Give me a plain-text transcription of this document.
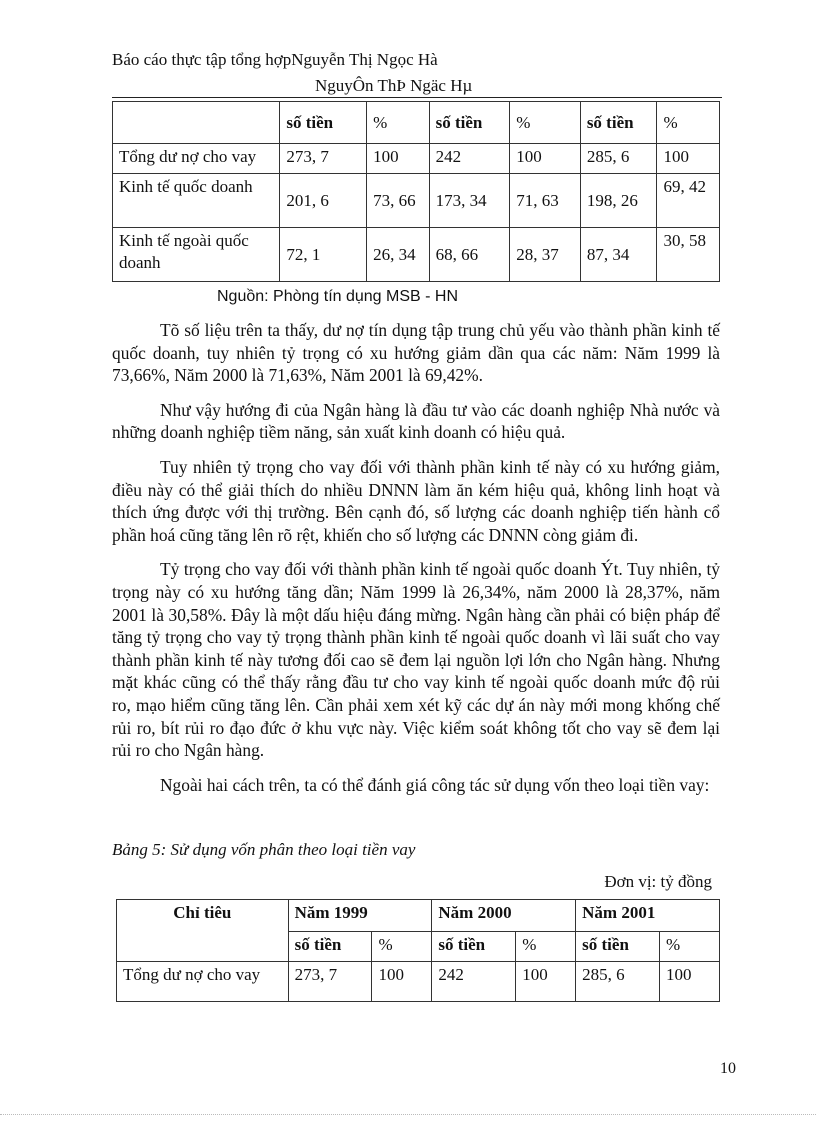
Báo cáo thực tập tổng hợpNguyễn Thị Ngọc Hà
NguyÔn ThÞ Ngäc Hµ
	số tiền	%	số tiền	%	số tiền	%
Tổng dư nợ cho vay	273, 7	100	242	100	285, 6	100
Kinh tế quốc doanh	201, 6	73, 66	173, 34	71, 63	198, 26	69, 42
Kinh tế ngoài quốc doanh	72, 1	26, 34	68, 66	28, 37	87, 34	30, 58
Nguồn: Phòng tín dụng MSB - HN

Tõ số liệu trên ta thấy, dư nợ tín dụng tập trung chủ yếu vào thành phần kinh tế quốc doanh, tuy nhiên tỷ trọng có xu hướng giảm dần qua các năm: Năm 1999 là 73,66%, Năm 2000 là 71,63%, Năm 2001 là 69,42%.

Như vậy hướng đi của Ngân hàng là đầu tư vào các doanh nghiệp Nhà nước và những doanh nghiệp tiềm năng, sản xuất kinh doanh có hiệu quả.

Tuy nhiên tỷ trọng cho vay đối với thành phần kinh tế này có xu hướng giảm, điều này có thể giải thích do nhiều DNNN làm ăn kém hiệu quả, không linh hoạt và thích ứng được với thị trường. Bên cạnh đó, số lượng các doanh nghiệp tiến hành cổ phần hoá cũng tăng lên rõ rệt, khiến cho số lượng các DNNN còng giảm đi.

Tỷ trọng cho vay đối với thành phần kinh tế ngoài quốc doanh Ýt. Tuy nhiên, tỷ trọng này có xu hướng tăng dần; Năm 1999 là 26,34%, năm 2000 là 28,37%, năm 2001 là 30,58%. Đây là một dấu hiệu đáng mừng. Ngân hàng cần phải có biện pháp để tăng tỷ trọng cho vay tỷ trọng thành phần kinh tế ngoài quốc doanh vì lãi suất cho vay thành phần kinh tế này tương đối cao sẽ đem lại nguồn lợi lớn cho Ngân hàng. Nhưng mặt khác cũng có thể thấy rằng đầu tư cho vay kinh tế ngoài quốc doanh mức độ rủi ro, mạo hiểm cũng tăng lên. Cần phải xem xét kỹ các dự án này mới mong khống chế rủi ro, bít rủi ro đạo đức ở khu vực này. Việc kiểm soát không tốt cho vay sẽ đem lại rủi ro cho Ngân hàng.

Ngoài hai cách trên, ta có thể đánh giá công tác sử dụng vốn theo loại tiền vay:

Bảng 5: Sử dụng vốn phân theo loại tiền vay
Đơn vị: tỷ đồng
Chỉ tiêu	Năm 1999		Năm 2000		Năm 2001	
	số tiền	%	số tiền	%	số tiền	%
Tổng dư nợ cho vay	273, 7	100	242	100	285, 6	100
10
